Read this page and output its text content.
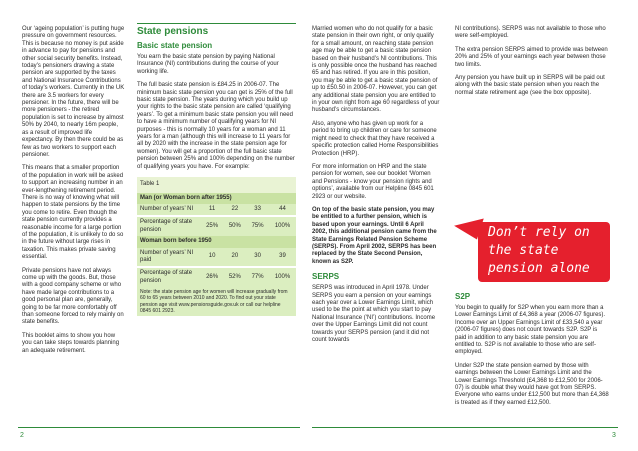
Our ‘ageing population’ is putting huge pressure on government resources. This is because no money is put aside in advance to pay for pensions and other social security benefits. Instead, today’s pensioners drawing a state pension are supported by the taxes and National Insurance Contributions of today’s workers. Currently in the UK there are 3.5 workers for every pensioner. In the future, there will be more pensioners - the retired population is set to increase by almost 50% by 2040, to nearly 16m people, as a result of improved life expectancy. By then there could be as few as two workers to support each pensioner.

This means that a smaller proportion of the population in work will be asked to support an increasing number in an ever-lengthening retirement period. There is no way of knowing what will happen to state pensions by the time you come to retire. Even though the state pension currently provides a reasonable income for a large portion of the population, it is unlikely to do so in the future without large rises in taxation. This makes private saving essential.

Private pensions have not always come up with the goods. But, those with a good company scheme or who have made large contributions to a good personal plan are, generally, going to be far more comfortably off than someone forced to rely mainly on state benefits.

This booklet aims to show you how you can take steps towards planning an adequate retirement.

State pensions
Basic state pension

You earn the basic state pension by paying National Insurance (NI) contributions during the course of your working life.

The full basic state pension is £84.25 in 2006-07. The minimum basic state pension you can get is 25% of the full basic state pension. The years during which you build up your rights to the basic state pension are called ‘qualifying years’. To get a minimum basic state pension you will need to have a minimum number of qualifying years for NI purposes - this is normally 10 years for a woman and 11 years for a man (although this will increase to 11 years for all by 2020 with the increase in the state pension age for women). You will get a proportion of the full basic state pension between 25% and 100% depending on the number of qualifying years you have. For example:

Table 1				
Man (or Woman born after 1955)				
Number of years’ NI	11	22	33	44

Percentage of state pension	25%	50%	75%	100%
Woman born before 1950				
Number of years’ NI paid	10	20	30	39

Percentage of state pension	26%	52%	77%	100%
Note: the state pension age for women will increase gradually from 60 to 65 years between 2010 and 2020. To find out your state pension age visit www.pensionsguide.gov.uk or call our helpline 0845 601 2923.				

Married women who do not qualify for a basic state pension in their own right, or only qualify for a small amount, on reaching state pension age may be able to get a basic state pension based on their husband’s NI contributions. This is only possible once the husband has reached 65 and has retired. If you are in this position, you may be able to get a basic state pension of up to £50.50 in 2006-07. However, you can get any additional state pension you are entitled to in your own right from age 60 regardless of your husband’s circumstances.

Also, anyone who has given up work for a period to bring up children or care for someone might need to check that they have received a specific protection called Home Responsibilities Protection (HRP).

For more information on HRP and the state pension for women, see our booklet ‘Women and Pensions - know your pension rights and options’, available from our Helpline 0845 601 2923 or our website.

On top of the basic state pension, you may be entitled to a further pension, which is based upon your earnings. Until 6 April 2002, this additional pension came from the State Earnings Related Pension Scheme (SERPS). From April 2002, SERPS has been replaced by the State Second Pension, known as S2P.

SERPS

SERPS was introduced in April 1978. Under SERPS you earn a pension on your earnings each year over a Lower Earnings Limit, which used to be the point at which you start to pay National Insurance (‘NI’) contributions. Income over the Upper Earnings Limit did not count towards your SERPS pension (and it did not count towards

NI contributions). SERPS was not available to those who were self-employed.

The extra pension SERPS aimed to provide was between 20% and 25% of your earnings each year between those two limits.

Any pension you have built up in SERPS will be paid out along with the basic state pension when you reach the normal state retirement age (see the box opposite).

Don’t rely on
the state
pension alone
S2P

You begin to qualify for S2P when you earn more than a Lower Earnings Limit of £4,368 a year (2006-07 figures). Income over an Upper Earnings Limit of £33,540 a year (2006-07 figures) does not count towards S2P. S2P is paid in addition to any basic state pension you are entitled to. S2P is not available to those who are self-employed.

Under S2P the state pension earned by those with earnings between the Lower Earnings Limit and the Lower Earnings Threshold (£4,368 to £12,500 for 2006-07) is double what they would have got from SERPS. Everyone who earns under £12,500 but more than £4,368 is treated as if they earned £12,500.

2	3
